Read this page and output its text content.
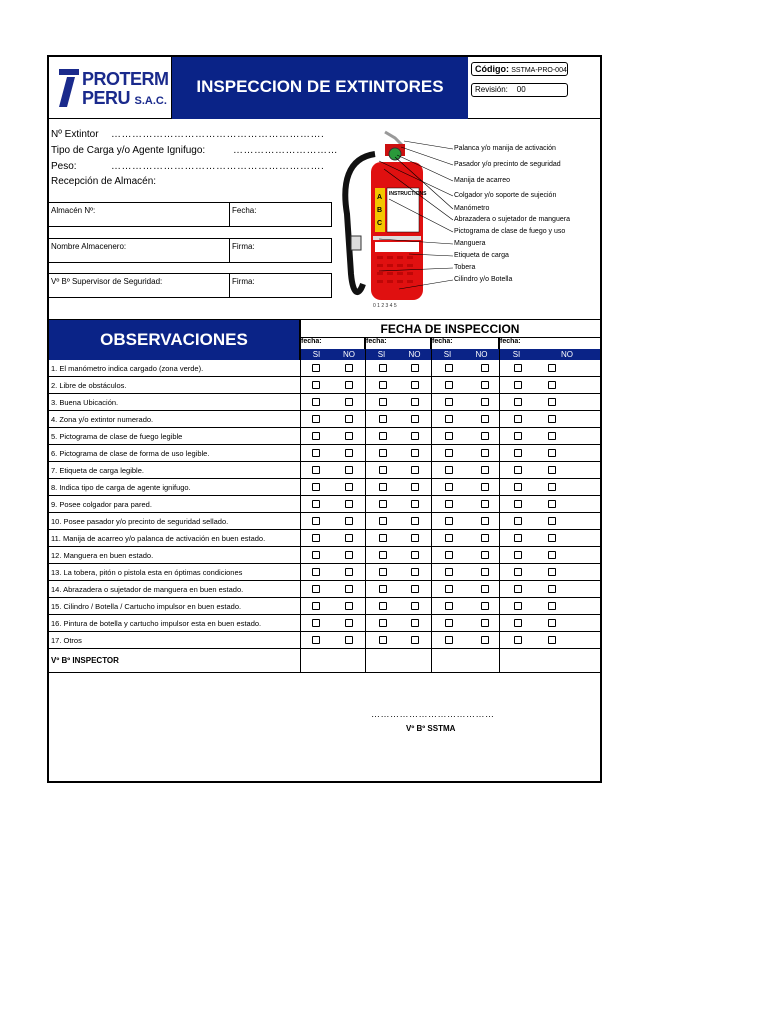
PROTERM
PERU S.A.C.
INSPECCION DE EXTINTORES
Código: SSTMA-PRO-004
Revisión: 00
Nº Extintor …………………………………………………….
Tipo de Carga y/o Agente Ignifugo:	…………………………
Peso:	…………………………………………………….
Recepción de Almacén:
Almacén Nº:	Fecha:
Nombre Almacenero:	Firma:
Vº Bº Supervisor de Seguridad:	Firma:
A
B
C
INSTRUCTIONS
0 1 2 3 4 5
Palanca y/o manija de activación
Pasador y/o precinto de seguridad
Manija de acarreo
Colgador y/o soporte de sujeción
Manómetro
Abrazadera o sujetador de manguera
Pictograma de clase de fuego y uso
Manguera
Etiqueta de carga
Tobera
Cilindro y/o Botella
OBSERVACIONES
FECHA DE INSPECCION
fecha:	fecha:	fecha:	fecha:
SI	NO	SI	NO	SI	NO	SI	NO
1. El manómetro indica cargado (zona verde).
2. Libre de obstáculos.
3. Buena Ubicación.
4. Zona y/o extintor numerado.
5. Pictograma de clase de fuego legible
6. Pictograma de clase de forma de uso legible.
7. Etiqueta de carga legible.
8. Indica tipo de carga de agente ignifugo.
9. Posee colgador para pared.
10. Posee pasador y/o precinto de seguridad sellado.
11. Manija de acarreo y/o palanca de activación en buen estado.
12. Manguera en buen estado.
13. La tobera, pitón o pistola esta en óptimas condiciones
14. Abrazadera o sujetador de manguera en buen estado.
15. Cilindro / Botella / Cartucho impulsor en buen estado.
16. Pintura de botella y cartucho impulsor esta en buen estado.
17. Otros
Vº Bº INSPECTOR
…………………………………
Vº Bº SSTMA
